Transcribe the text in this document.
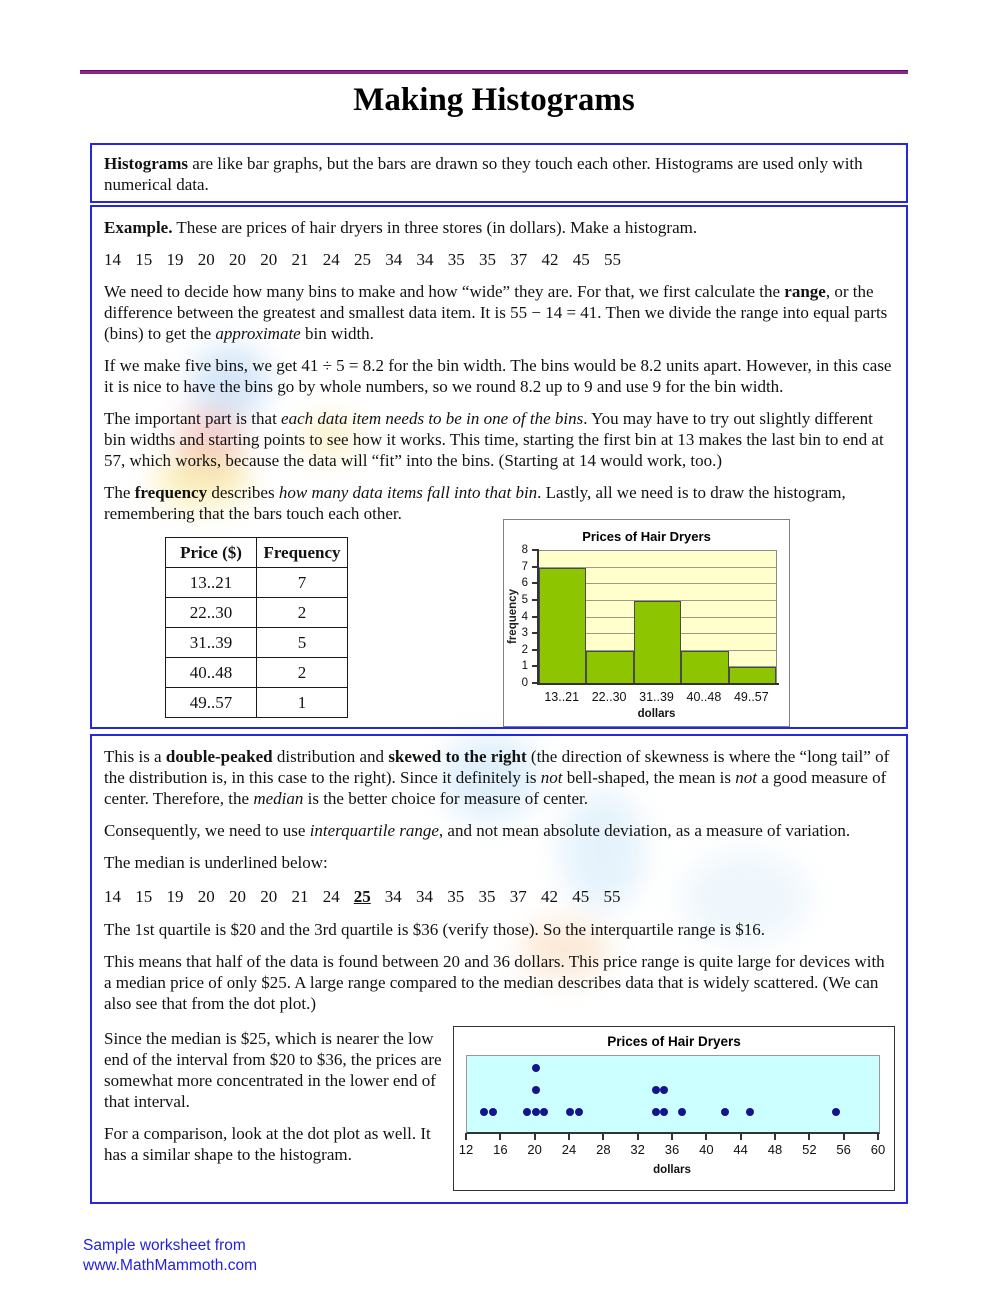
Making Histograms

Histograms are like bar graphs, but the bars are drawn so they touch each other. Histograms are used only with numerical data.

Example. These are prices of hair dryers in three stores (in dollars). Make a histogram.

14 15 19 20 20 20 21 24 25 34 34 35 35 37 42 45 55

We need to decide how many bins to make and how “wide” they are. For that, we first calculate the range, or the difference between the greatest and smallest data item. It is 55 − 14 = 41. Then we divide the range into equal parts (bins) to get the approximate bin width.

If we make five bins, we get 41 ÷ 5 = 8.2 for the bin width. The bins would be 8.2 units apart. However, in this case it is nice to have the bins go by whole numbers, so we round 8.2 up to 9 and use 9 for the bin width.

The important part is that each data item needs to be in one of the bins. You may have to try out slightly different bin widths and starting points to see how it works. This time, starting the first bin at 13 makes the last bin to end at 57, which works, because the data will “fit” into the bins. (Starting at 14 would work, too.)

The frequency describes how many data items fall into that bin. Lastly, all we need is to draw the histogram, remembering that the bars touch each other.

Price ($)	Frequency
13..21	7
22..30	2
31..39	5
40..48	2
49..57	1
Prices of Hair Dryers
frequency
0
1
2
3
4
5
6
7
8
13..21	22..30	31..39	40..48	49..57
dollars

This is a double-peaked distribution and skewed to the right (the direction of skewness is where the “long tail” of the distribution is, in this case to the right). Since it definitely is not bell-shaped, the mean is not a good measure of center. Therefore, the median is the better choice for measure of center.

Consequently, we need to use interquartile range, and not mean absolute deviation, as a measure of variation.

The median is underlined below:

14 15 19 20 20 20 21 24 25 34 34 35 35 37 42 45 55

The 1st quartile is $20 and the 3rd quartile is $36 (verify those). So the interquartile range is $16.

This means that half of the data is found between 20 and 36 dollars. This price range is quite large for devices with a median price of only $25. A large range compared to the median describes data that is widely scattered. (We can also see that from the dot plot.)

Since the median is $25, which is nearer the low end of the interval from $20 to $36, the prices are somewhat more concentrated in the lower end of that interval.

For a comparison, look at the dot plot as well. It has a similar shape to the histogram.

Prices of Hair Dryers
12 16 20 24 28 32 36 40 44 48 52 56 60
dollars
Sample worksheet from
www.MathMammoth.com
